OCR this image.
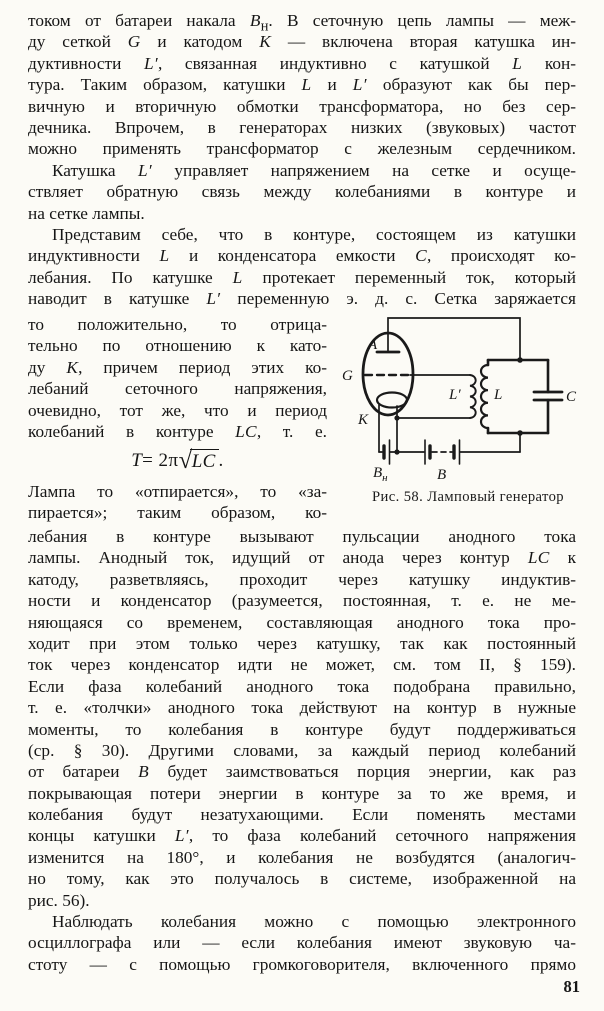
током от батареи накала $B_н$. В сеточную цепь лампы — меж-
ду сеткой G и катодом K — включена вторая катушка ин-
дуктивности L′, связанная индуктивно с катушкой L кон-
тура. Таким образом, катушки L и L′ образуют как бы пер-
вичную и вторичную обмотки трансформатора, но без сер-
дечника. Впрочем, в генераторах низких (звуковых) частот
можно применять трансформатор с железным сердечником.
Катушка L′ управляет напряжением на сетке и осуще-
ствляет обратную связь между колебаниями в контуре и
на сетке лампы.
Представим себе, что в контуре, состоящем из катушки
индуктивности L и конденсатора емкости C, происходят ко-
лебания. По катушке L протекает переменный ток, который
наводит в катушке L′ переменную э. д. с. Сетка заряжается
то положительно, то отрица-
тельно по отношению к като-
ду K, причем период этих ко-
лебаний сеточного напряжения,
очевидно, тот же, что и период
колебаний в контуре LC, т. е.
T = 2π √ LC .
Лампа то «отпирается», то «за-
пирается»; таким образом, ко-
A
G
K
L′ L	C
$B_н$	B
Рис. 58. Ламповый генератор
лебания в контуре вызывают пульсации анодного тока
лампы. Анодный ток, идущий от анода через контур LC к
катоду, разветвляясь, проходит через катушку индуктив-
ности и конденсатор (разумеется, постоянная, т. е. не ме-
няющаяся со временем, составляющая анодного тока про-
ходит при этом только через катушку, так как постоянный
ток через конденсатор идти не может, см. том II, § 159).
Если фаза колебаний анодного тока подобрана правильно,
т. е. «толчки» анодного тока действуют на контур в нужные
моменты, то колебания в контуре будут поддерживаться
(ср. § 30). Другими словами, за каждый период колебаний
от батареи B будет заимствоваться порция энергии, как раз
покрывающая потери энергии в контуре за то же время, и
колебания будут незатухающими. Если поменять местами
концы катушки L′, то фаза колебаний сеточного напряжения
изменится на 180°, и колебания не возбудятся (аналогич-
но тому, как это получалось в системе, изображенной на
рис. 56).
Наблюдать колебания можно с помощью электронного
осциллографа или — если колебания имеют звуковую ча-
стоту — с помощью громкоговорителя, включенного прямо
81
